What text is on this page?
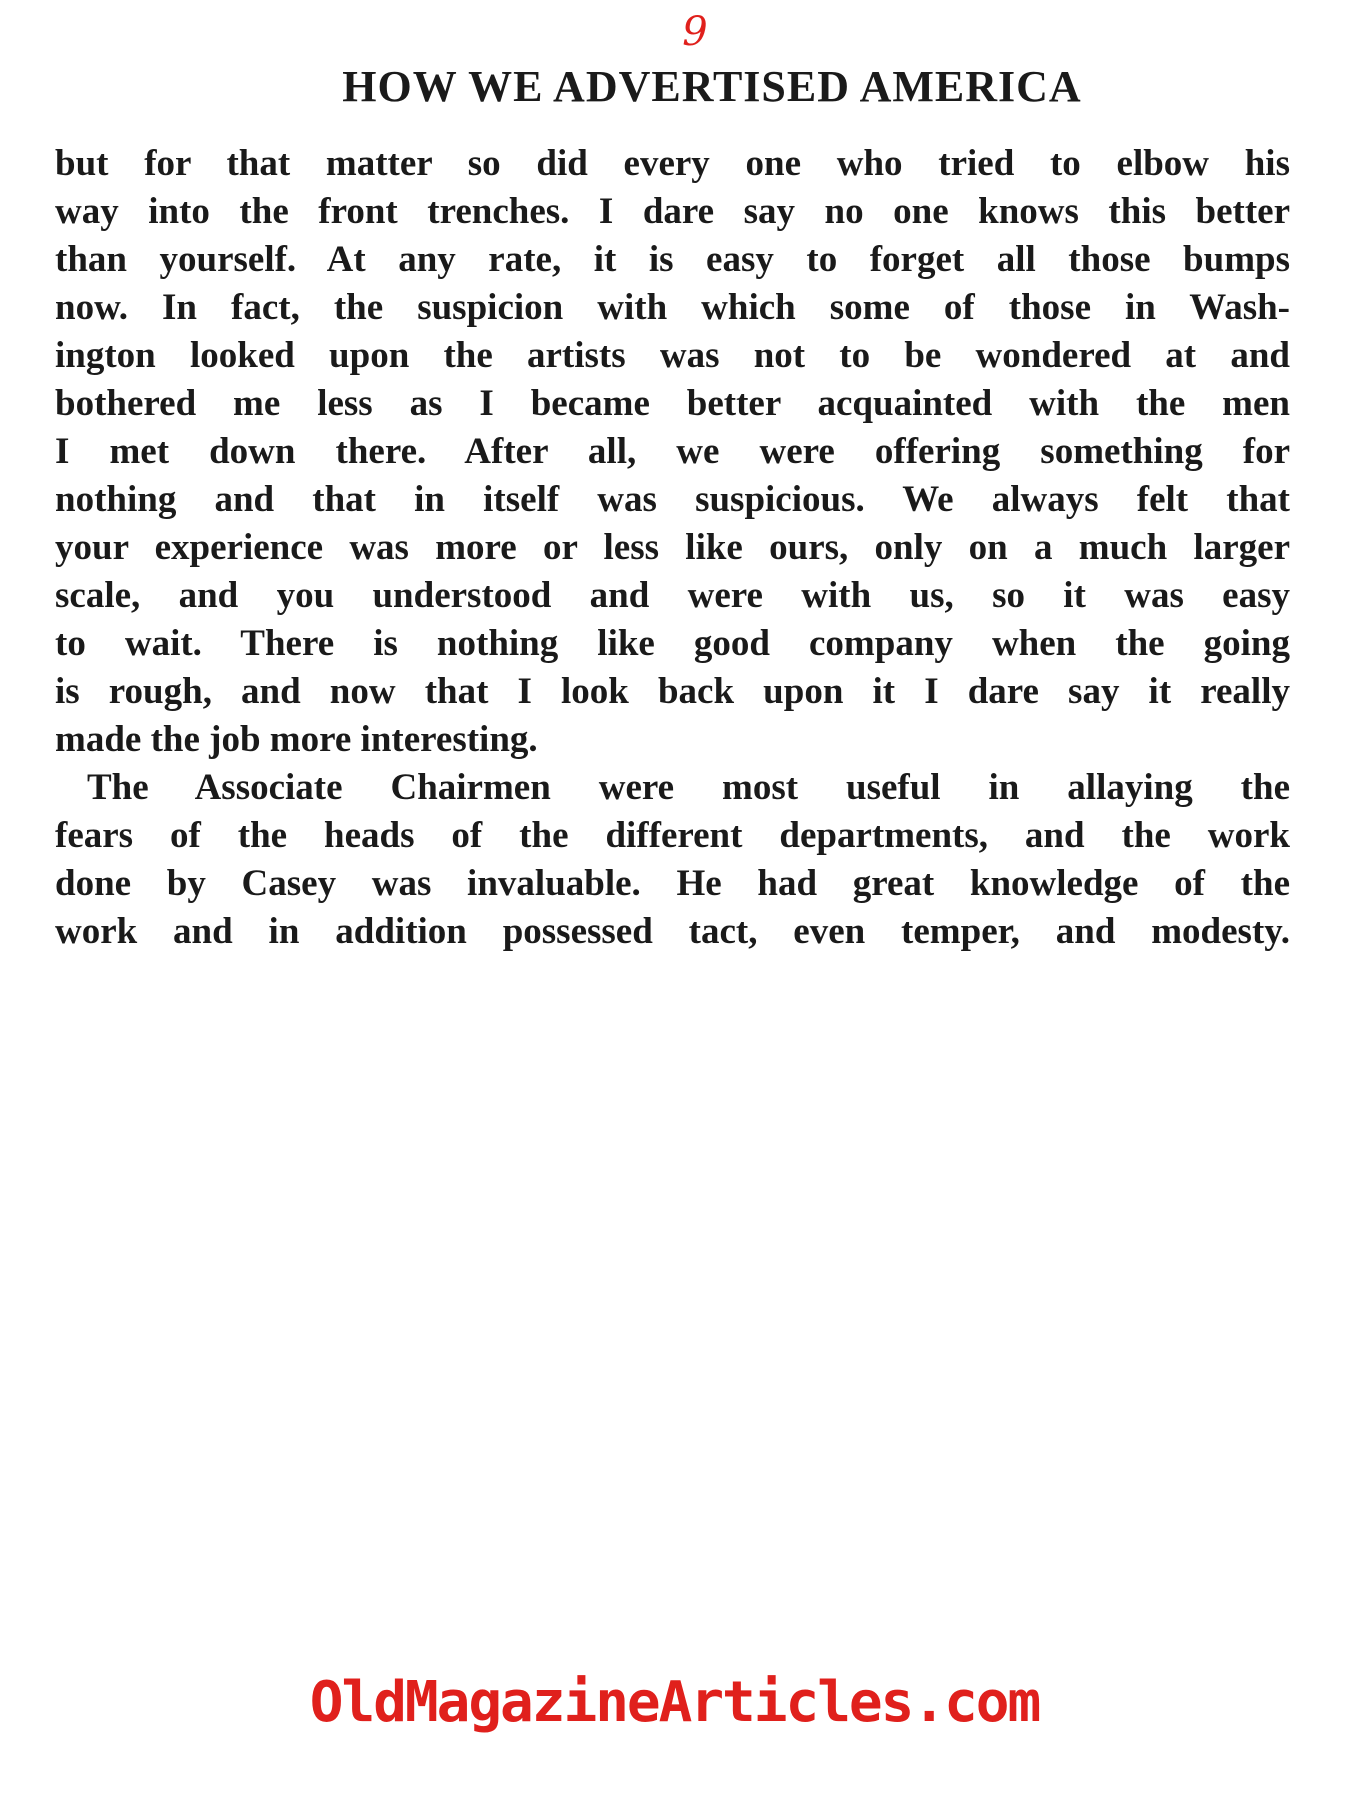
9
HOW WE ADVERTISED AMERICA
but for that matter so did every one who tried to elbow his
way into the front trenches. I dare say no one knows this better
than yourself. At any rate, it is easy to forget all those bumps
now. In fact, the suspicion with which some of those in Wash-
ington looked upon the artists was not to be wondered at and
bothered me less as I became better acquainted with the men
I met down there. After all, we were offering something for
nothing and that in itself was suspicious. We always felt that
your experience was more or less like ours, only on a much larger
scale, and you understood and were with us, so it was easy
to wait. There is nothing like good company when the going
is rough, and now that I look back upon it I dare say it really
made the job more interesting.
The Associate Chairmen were most useful in allaying the
fears of the heads of the different departments, and the work
done by Casey was invaluable. He had great knowledge of the
work and in addition possessed tact, even temper, and modesty.
OldMagazineArticles.com
